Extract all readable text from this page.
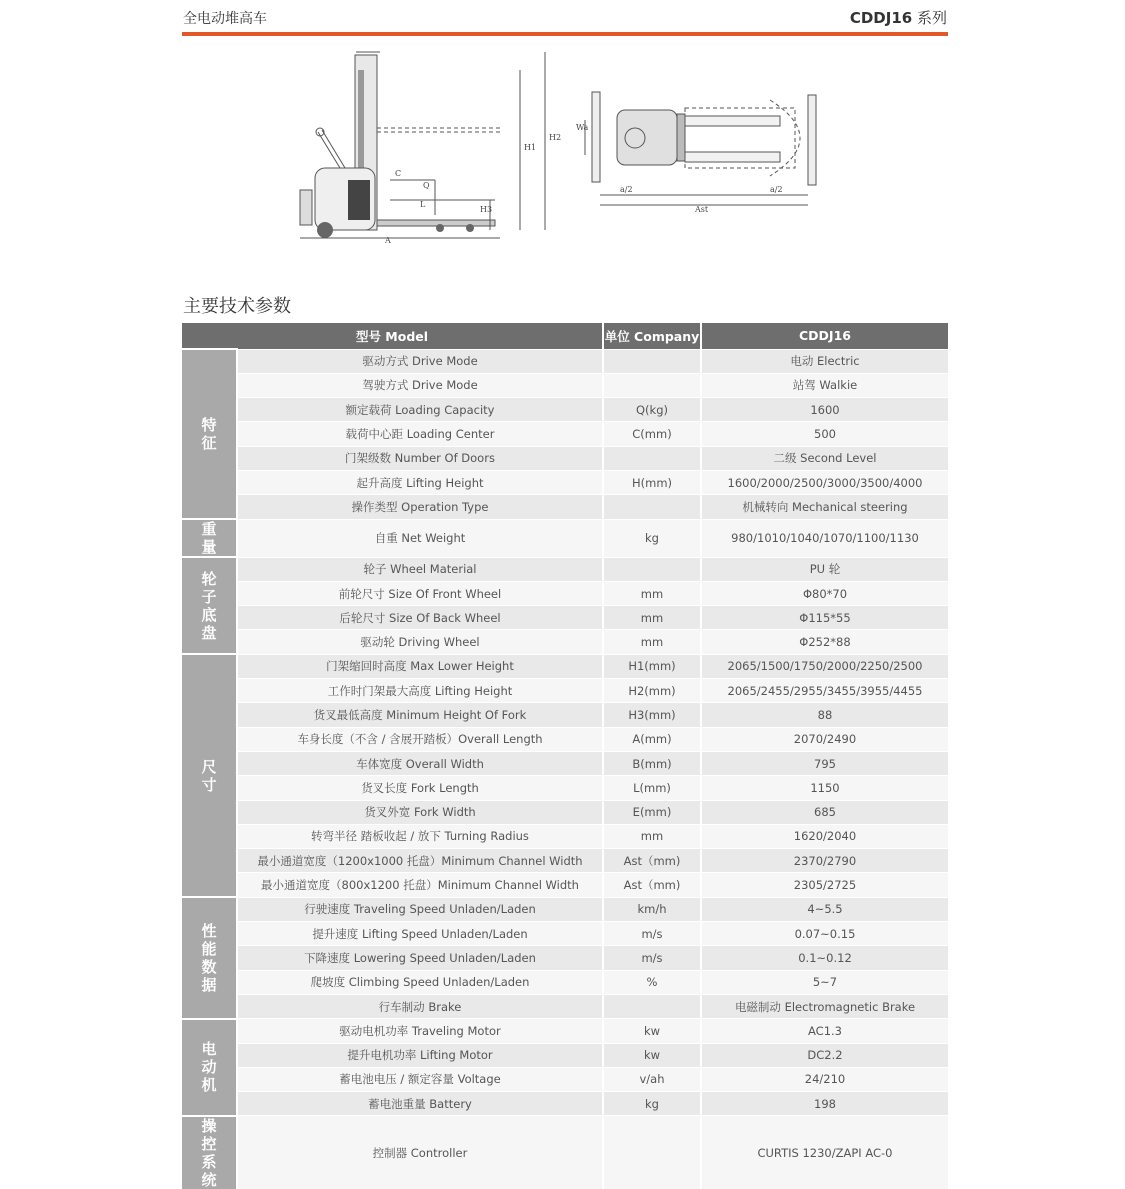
全电动堆高车	CDDJ16 系列
H1
H2
H3
C
Q
L
A
Wa
a/2
Ast
a/2
主要技术参数
型号 Model		单位 Company	CDDJ16
特征	驱动方式 Drive Mode		电动 Electric
	驾驶方式 Drive Mode		站驾 Walkie
	额定载荷 Loading Capacity	Q(kg)	1600
	载荷中心距 Loading Center	C(mm)	500
	门架级数 Number Of Doors		二级 Second Level
	起升高度 Lifting Height	H(mm)	1600/2000/2500/3000/3500/4000
	操作类型 Operation Type		机械转向 Mechanical steering
重量	自重 Net Weight	kg	980/1010/1040/1070/1100/1130
轮子底盘	轮子 Wheel Material		PU 轮
	前轮尺寸 Size Of Front Wheel	mm	Φ80*70
	后轮尺寸 Size Of Back Wheel	mm	Φ115*55
	驱动轮 Driving Wheel	mm	Φ252*88
尺寸	门架缩回时高度 Max Lower Height	H1(mm)	2065/1500/1750/2000/2250/2500
	工作时门架最大高度 Lifting Height	H2(mm)	2065/2455/2955/3455/3955/4455
	货叉最低高度 Minimum Height Of Fork	H3(mm)	88
	车身长度（不含 / 含展开踏板）Overall Length	A(mm)	2070/2490
	车体宽度 Overall Width	B(mm)	795
	货叉长度 Fork Length	L(mm)	1150
	货叉外宽 Fork Width	E(mm)	685
	转弯半径 踏板收起 / 放下 Turning Radius	mm	1620/2040
	最小通道宽度（1200x1000 托盘）Minimum Channel Width	Ast（mm)	2370/2790
	最小通道宽度（800x1200 托盘）Minimum Channel Width	Ast（mm)	2305/2725
性能数据	行驶速度 Traveling Speed Unladen/Laden	km/h	4~5.5
	提升速度 Lifting Speed Unladen/Laden	m/s	0.07~0.15
	下降速度 Lowering Speed Unladen/Laden	m/s	0.1~0.12
	爬坡度 Climbing Speed Unladen/Laden	%	5~7
	行车制动 Brake		电磁制动 Electromagnetic Brake
电动机	驱动电机功率 Traveling Motor	kw	AC1.3
	提升电机功率 Lifting Motor	kw	DC2.2
	蓄电池电压 / 额定容量 Voltage	v/ah	24/210
	蓄电池重量 Battery	kg	198
操控系统	控制器 Controller		CURTIS 1230/ZAPI AC-0
